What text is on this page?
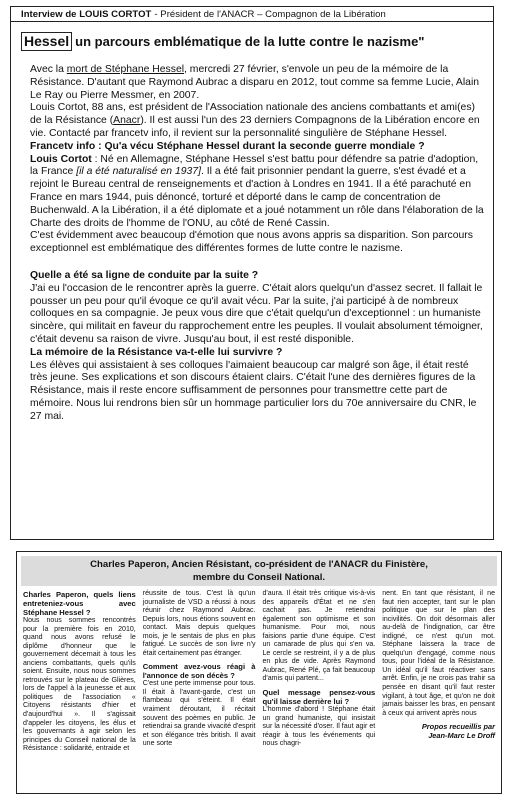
Interview de LOUIS CORTOT - Président de l'ANACR – Compagnon de la Libération
Hessel un parcours emblématique de la lutte contre le nazisme"

Avec la mort de Stéphane Hessel, mercredi 27 février, s'envole un peu de la mémoire de la Résistance. D'autant que Raymond Aubrac a disparu en 2012, tout comme sa femme Lucie, Alain Le Ray ou Pierre Messmer, en 2007.

Louis Cortot, 88 ans, est président de l'Association nationale des anciens combattants et ami(es) de la Résistance (Anacr). Il est aussi l'un des 23 derniers Compagnons de la Libération encore en vie. Contacté par francetv info, il revient sur la personnalité singulière de Stéphane Hessel.

Francetv info : Qu'a vécu Stéphane Hessel durant la seconde guerre mondiale ?

Louis Cortot : Né en Allemagne, Stéphane Hessel s'est battu pour défendre sa patrie d'adoption, la France [il a été naturalisé en 1937]. Il a été fait prisonnier pendant la guerre, s'est évadé et a rejoint le Bureau central de renseignements et d'action à Londres en 1941. Il a été parachuté en France en mars 1944, puis dénoncé, torturé et déporté dans le camp de concentration de Buchenwald. A la Libération, il a été diplomate et a joué notamment un rôle dans l'élaboration de la Charte des droits de l'homme de l'ONU, au côté de René Cassin.

C'est évidemment avec beaucoup d'émotion que nous avons appris sa disparition. Son parcours exceptionnel est emblématique des différentes formes de lutte contre le nazisme.

Quelle a été sa ligne de conduite par la suite ?

J'ai eu l'occasion de le rencontrer après la guerre. C'était alors quelqu'un d'assez secret. Il fallait le pousser un peu pour qu'il évoque ce qu'il avait vécu. Par la suite, j'ai participé à de nombreux colloques en sa compagnie. Je peux vous dire que c'était quelqu'un d'exceptionnel : un humaniste sincère, qui militait en faveur du rapprochement entre les peuples. Il voulait absolument témoigner, c'était devenu sa raison de vivre. Jusqu'au bout, il est resté disponible.

La mémoire de la Résistance va-t-elle lui survivre ?

Les élèves qui assistaient à ses colloques l'aimaient beaucoup car malgré son âge, il était resté très jeune. Ses explications et son discours étaient clairs. C'était l'une des dernières figures de la Résistance, mais il reste encore suffisamment de personnes pour transmettre cette part de mémoire. Nous lui rendrons bien sûr un hommage particulier lors du 70e anniversaire du CNR, le 27 mai.

Charles Paperon, Ancien Résistant, co-président de l'ANACR du Finistère,
membre du Conseil National.

Charles Paperon, quels liens entreteniez-vous avec Stéphane Hessel ?

Nous nous sommes rencontrés pour la première fois en 2010, quand nous avons refusé le diplôme d'honneur que le gouvernement décernait à tous les anciens combattants, quels qu'ils soient. Ensuite, nous nous sommes retrouvés sur le plateau de Glières, lors de l'appel à la jeunesse et aux politiques de l'association « Citoyens résistants d'hier et d'aujourd'hui ». Il s'agissait d'appeler les citoyens, les élus et les gouvernants à agir selon les principes du Conseil national de la Résistance : solidarité, entraide et

réussite de tous. C'est là qu'un journaliste de VSD a réussi à nous réunir chez Raymond Aubrac. Depuis lors, nous étions souvent en contact. Mais depuis quelques mois, je le sentais de plus en plus fatigué. Le succès de son livre n'y était certainement pas étranger.

Comment avez-vous réagi à l'annonce de son décès ?

C'est une perte immense pour tous. Il était à l'avant-garde, c'est un flambeau qui s'éteint. Il était vraiment déroutant, il récitait souvent des poèmes en public. Je retiendrai sa grande vivacité d'esprit et son élégance très british. Il avait une sorte

d'aura. Il était très critique vis-à-vis des appareils d'État et ne s'en cachait pas. Je retiendrai également son optimisme et son humanisme. Pour moi, nous faisions partie d'une équipe. C'est un camarade de plus qui s'en va. Le cercle se restreint, il y a de plus en plus de vide. Après Raymond Aubrac, René Plé, ça fait beaucoup d'amis qui partent...

Quel message pensez-vous qu'il laisse derrière lui ?

L'homme d'abord ! Stéphane était un grand humaniste, qui insistait sur la nécessité d'oser. Il faut agir et réagir à tous les événements qui nous chagri-

nent. En tant que résistant, il ne faut rien accepter, tant sur le plan politique que sur le plan des incivilités. On doit désormais aller au-delà de l'indignation, car être indigné, ce n'est qu'un mot. Stéphane laissera la trace de quelqu'un d'engagé, comme nous tous, pour l'idéal de la Résistance. Un idéal qu'il faut réactiver sans arrêt. Enfin, je ne crois pas trahir sa pensée en disant qu'il faut rester vigilant, à tout âge, et qu'on ne doit jamais baisser les bras, en pensant à ceux qui arrivent après nous

Propos recueillis par
Jean-Marc Le Droff
